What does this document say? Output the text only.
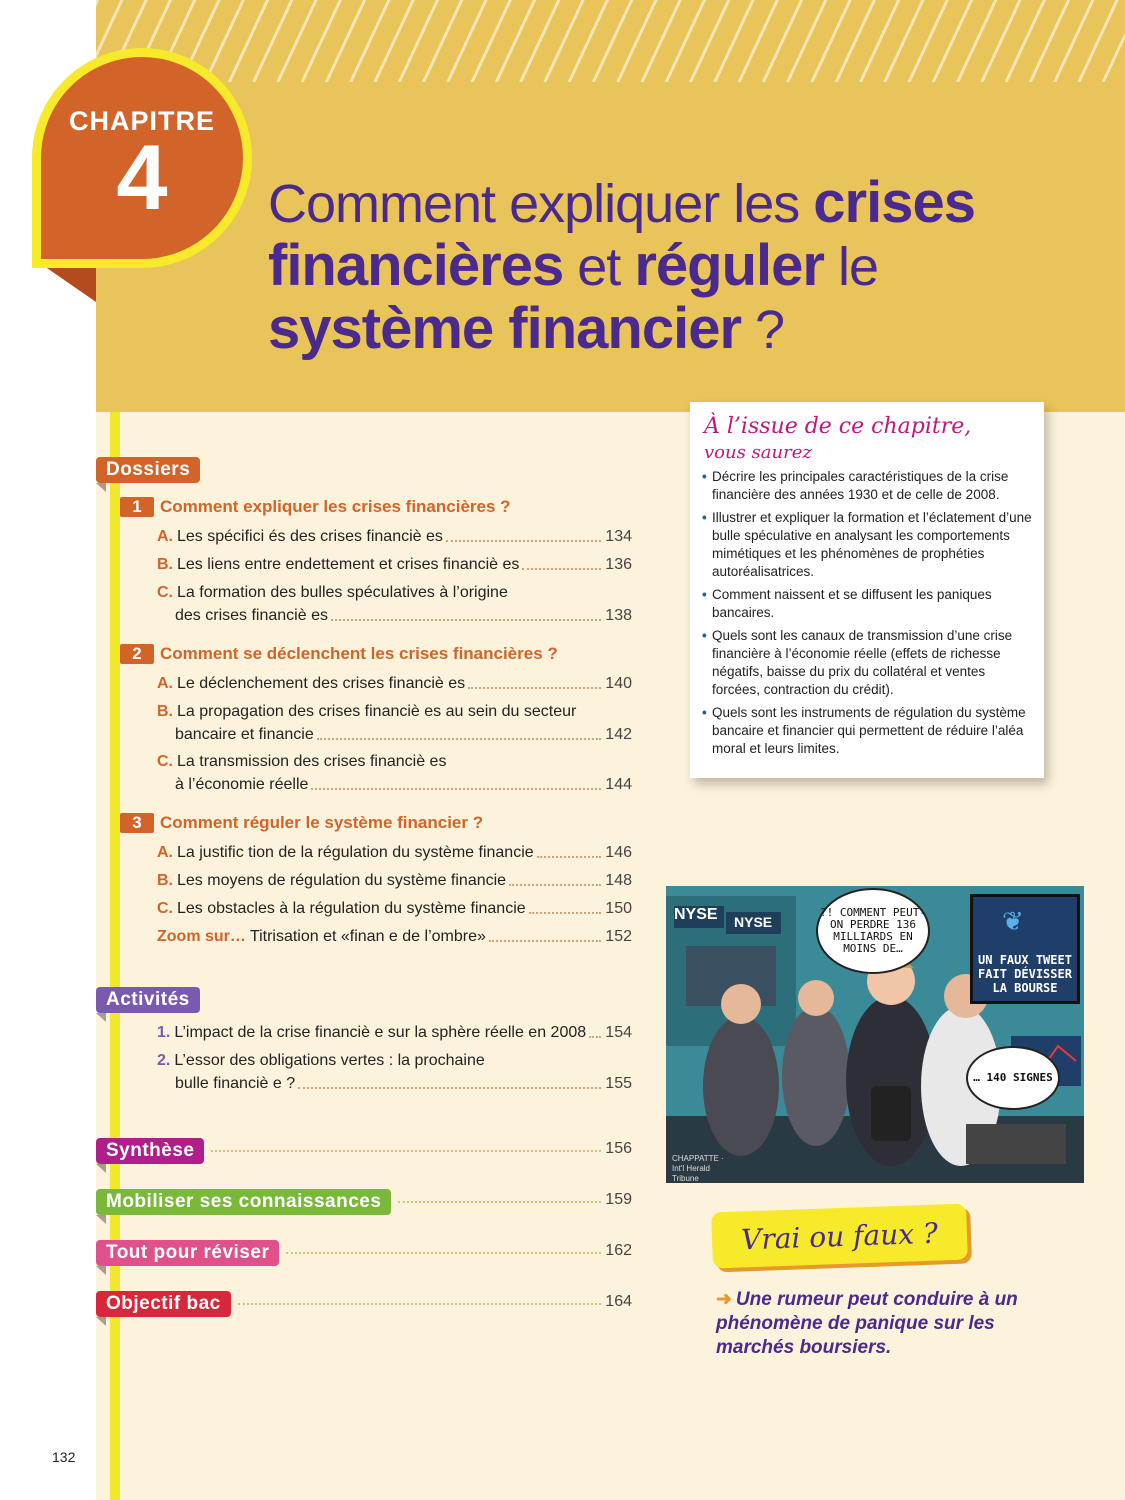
CHAPITRE
4	Comment expliquer les crises financières et réguler le système financier ?
Dossiers
1	Comment expliquer les crises financières ?
A. Les spécifici és des crises financiè es	134
B. Les liens entre endettement et crises financiè es	136
C. La formation des bulles spéculatives à l’origine
des crises financiè es	138
2	Comment se déclenchent les crises financières ?
A. Le déclenchement des crises financiè es	140
B. La propagation des crises financiè es au sein du secteur
bancaire et financie	142
C. La transmission des crises financiè es
à l’économie réelle	144
3	Comment réguler le système financier ?
A. La justific tion de la régulation du système financie	146
B. Les moyens de régulation du système financie	148
C. Les obstacles à la régulation du système financie	150
Zoom sur… Titrisation et «finan e de l’ombre»	152
Activités
1. L’impact de la crise financiè e sur la sphère réelle en 2008 154
2. L’essor des obligations vertes : la prochaine
bulle financiè e ?	155
Synthèse	156
Mobiliser ses connaissances	159
Tout pour réviser	162
Objectif bac	164
À l’issue de ce chapitre,
vous saurez
• Décrire les principales caractéristiques de la crise financière des années 1930 et de celle de 2008.
• Illustrer et expliquer la formation et l’éclatement d’une bulle spéculative en analysant les comportements mimétiques et les phénomènes de prophéties autoréalisatrices.
• Comment naissent et se diffusent les paniques bancaires.
• Quels sont les canaux de transmission d’une crise financière à l’économie réelle (effets de richesse négatifs, baisse du prix du collatéral et ventes forcées, contraction du crédit).
• Quels sont les instruments de régulation du système bancaire et financier qui permettent de réduire l’aléa moral et leurs limites.
?! COMMENT PEUT-ON PERDRE 136 MILLIARDS EN MOINS DE…
UN FAUX TWEET FAIT DÉVISSER LA BOURSE
❦
… 140 SIGNES
NYSE NYSE
CHAPPATTE · Int'l Herald Tribune
Vrai ou faux ?
➜ Une rumeur peut conduire à un phénomène de panique sur les marchés boursiers.
132
